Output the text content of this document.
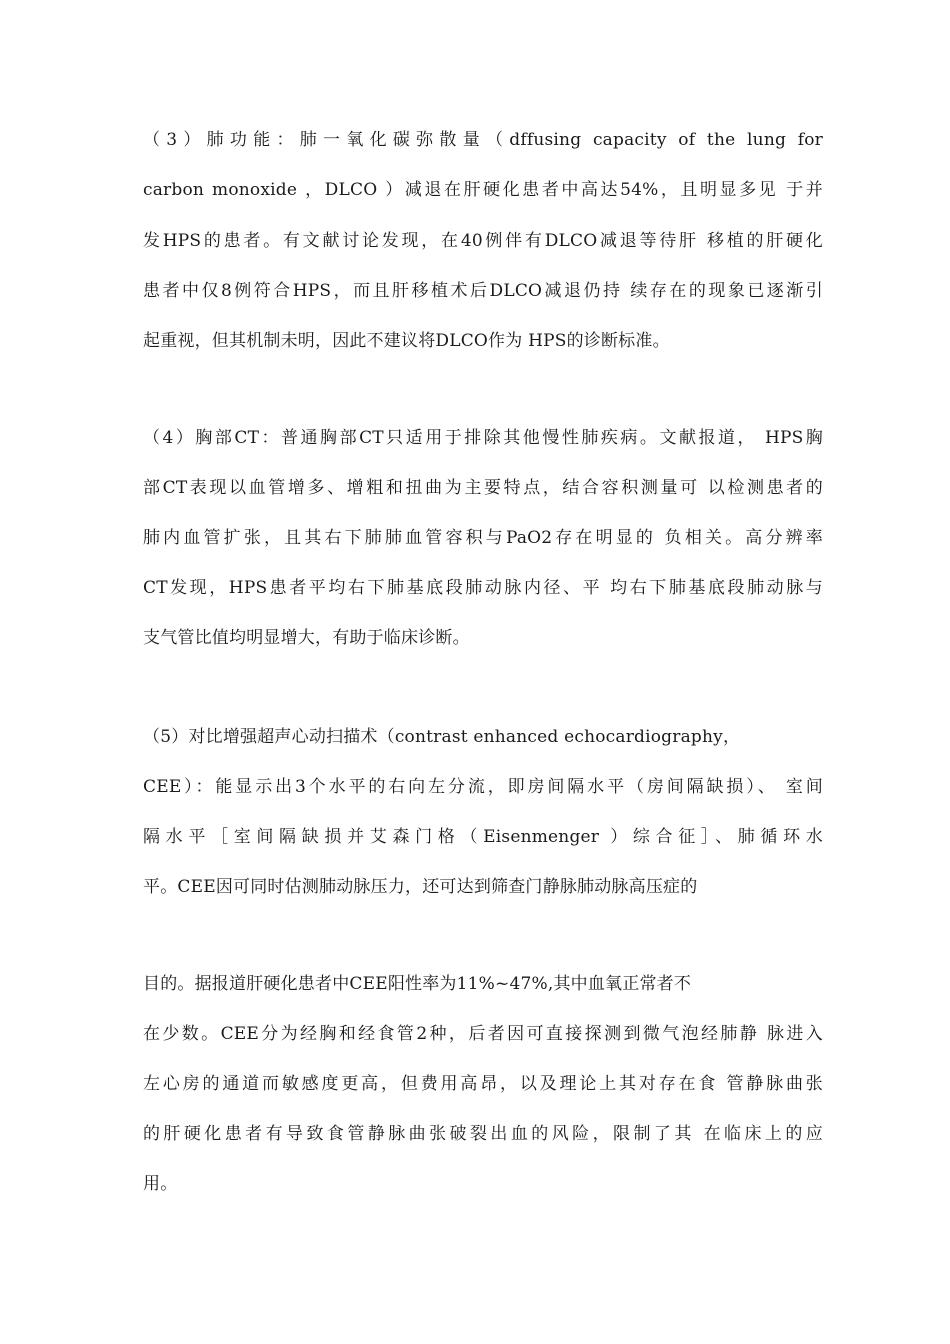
（3）肺功能：肺一氧化碳弥散量（dffusing capacity of the lung for
carbon monoxide ，DLCO ）减退在肝硬化患者中高达54%，且明显多见 于并
发HPS的患者。有文献讨论发现，在40例伴有DLCO减退等待肝 移植的肝硬化
患者中仅8例符合HPS，而且肝移植术后DLCO减退仍持 续存在的现象已逐渐引
起重视，但其机制未明，因此不建议将DLCO作为 HPS的诊断标准。
（4）胸部CT：普通胸部CT只适用于排除其他慢性肺疾病。文献报道， HPS胸
部CT表现以血管增多、增粗和扭曲为主要特点，结合容积测量可 以检测患者的
肺内血管扩张，且其右下肺肺血管容积与PaO2存在明显的 负相关。高分辨率
CT发现，HPS患者平均右下肺基底段肺动脉内径、平 均右下肺基底段肺动脉与
支气管比值均明显增大，有助于临床诊断。
（5）对比增强超声心动扫描术（contrast enhanced echocardiography，
CEE）：能显示出3个水平的右向左分流，即房间隔水平（房间隔缺损）、 室间
隔水平［室间隔缺损并艾森门格（Eisenmenger ）综合征］、肺循环水
平。CEE因可同时估测肺动脉压力，还可达到筛查门静脉肺动脉高压症的
目的。据报道肝硬化患者中CEE阳性率为11%~47%,其中血氧正常者不
在少数。CEE分为经胸和经食管2种，后者因可直接探测到微气泡经肺静 脉进入
左心房的通道而敏感度更高，但费用高昂，以及理论上其对存在食 管静脉曲张
的肝硬化患者有导致食管静脉曲张破裂出血的风险，限制了其 在临床上的应
用。
